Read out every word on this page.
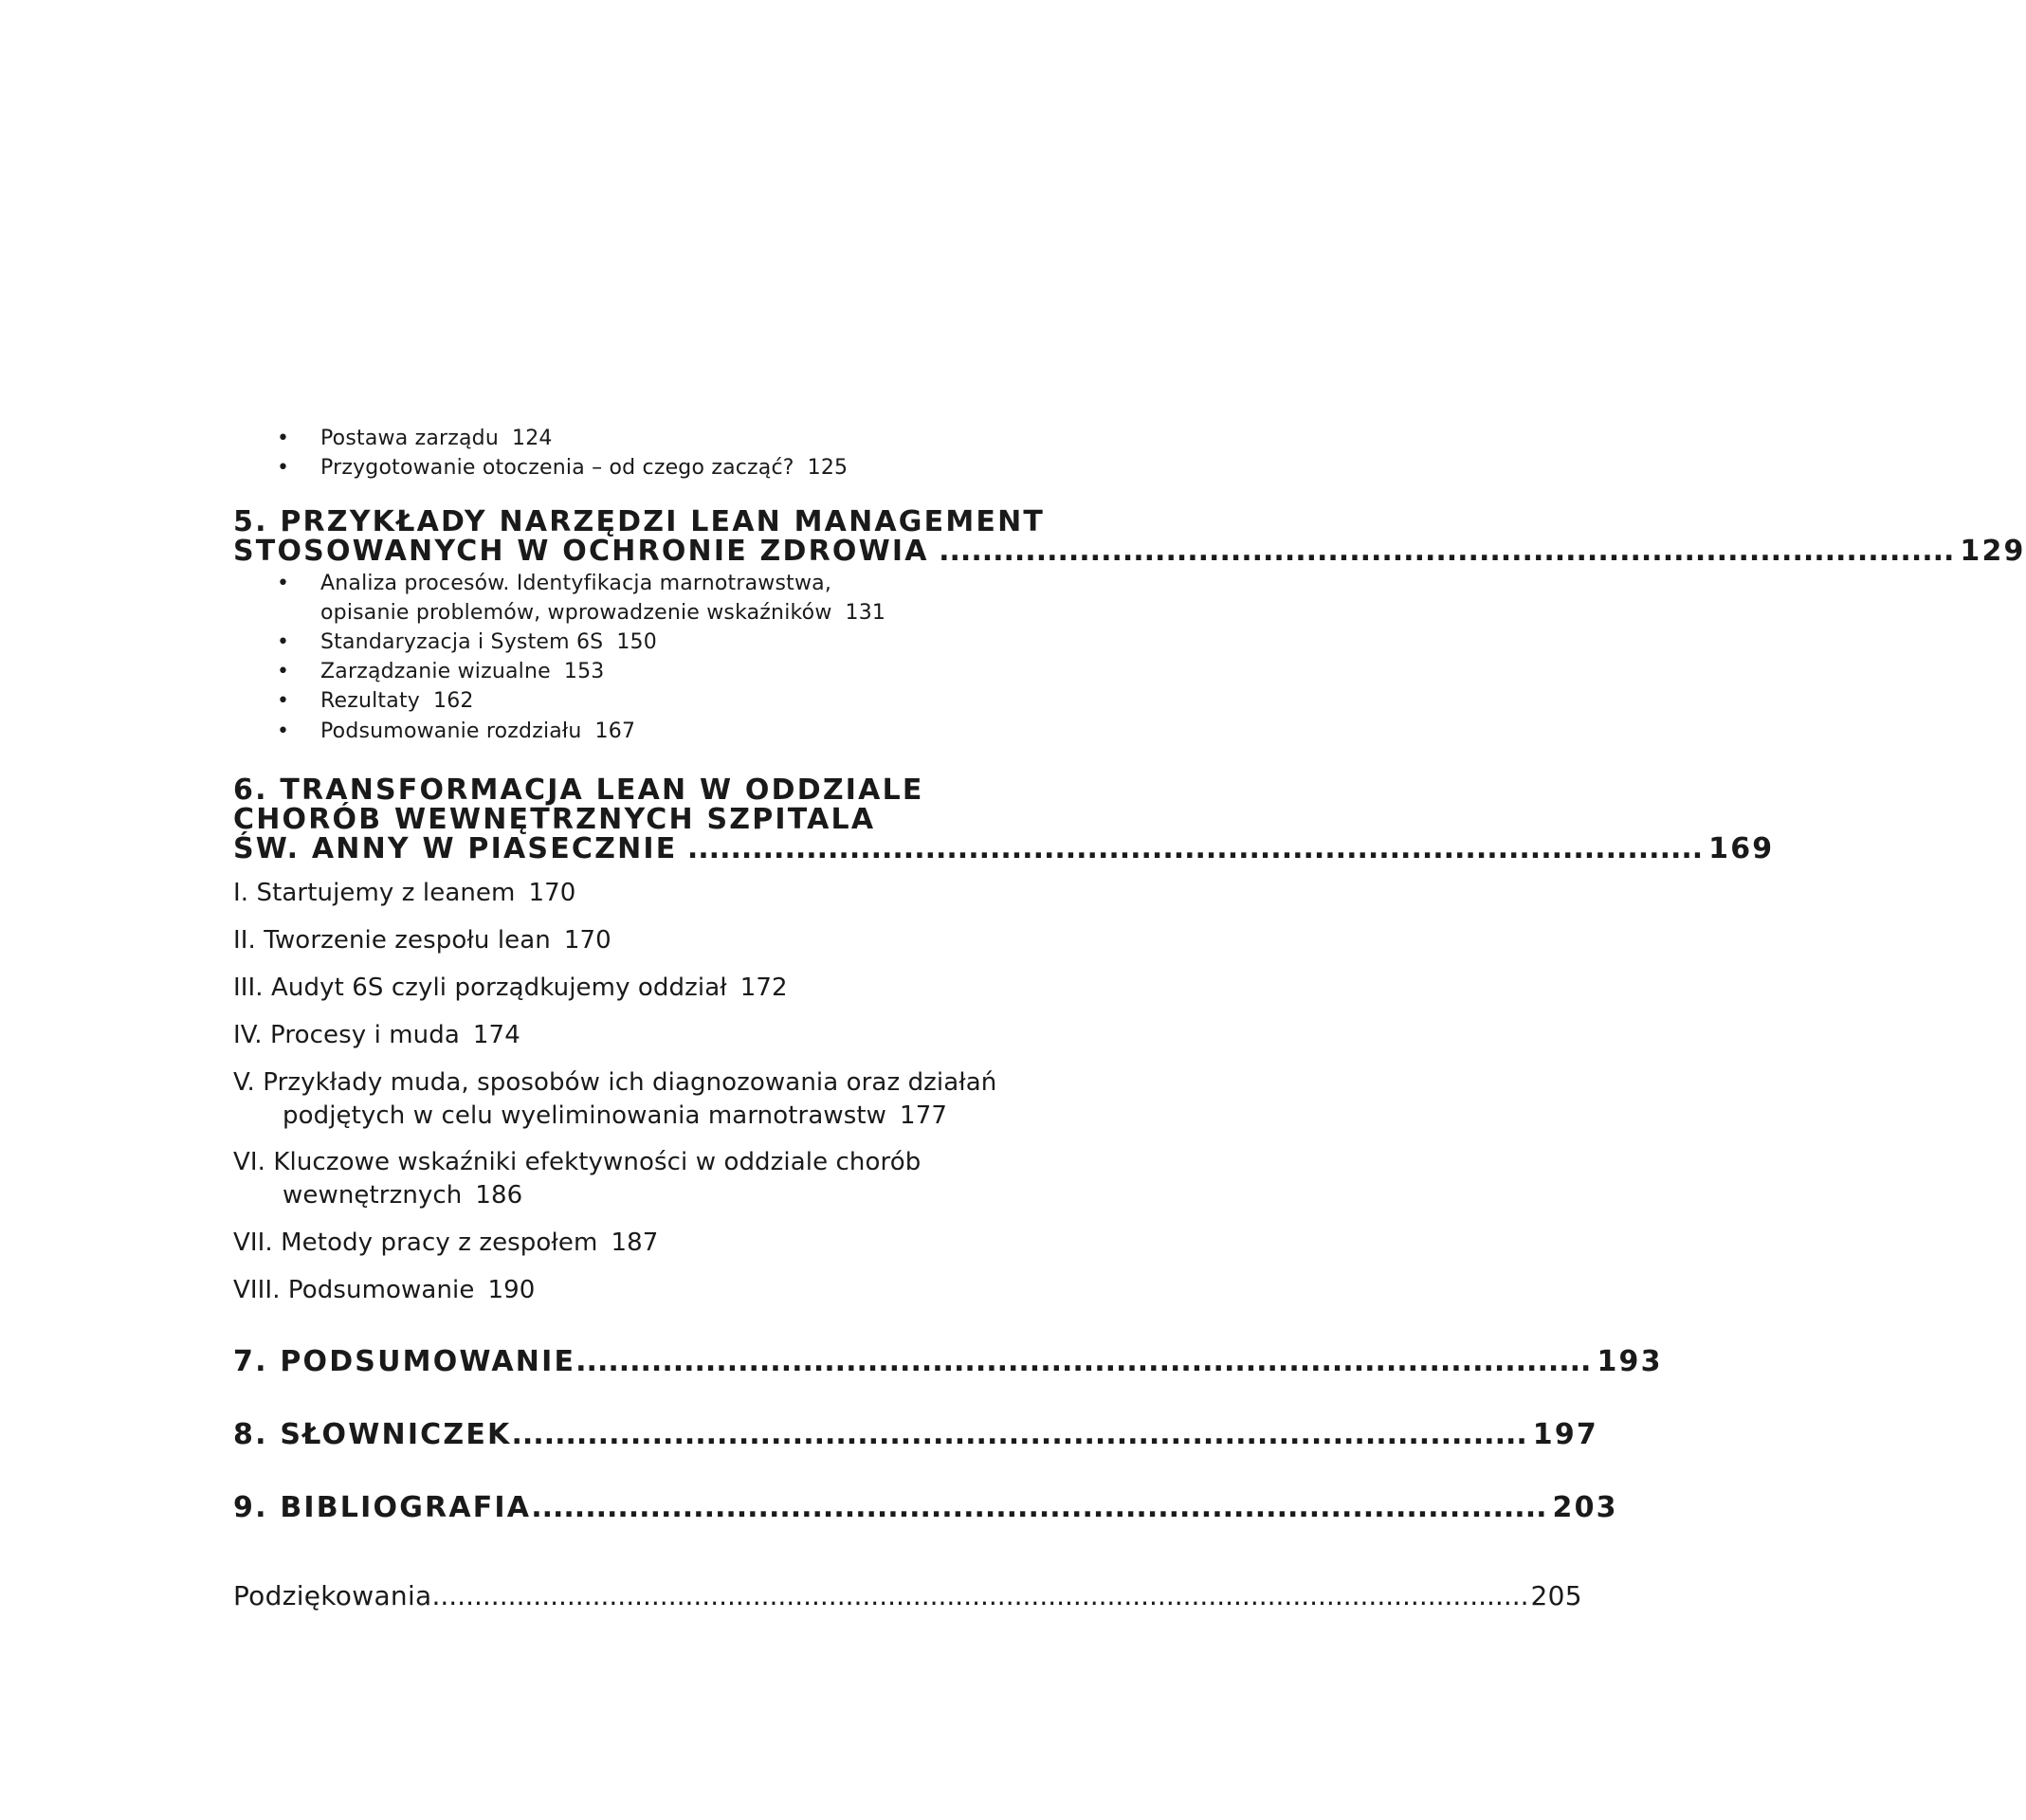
• Postawa zarządu 124
• Przygotowanie otoczenia – od czego zacząć? 125
5. PRZYKŁADY NARZĘDZI LEAN MANAGEMENT
STOSOWANYCH W OCHRONIE ZDROWIA .............................................................................................. 129
• Analiza procesów. Identyfikacja marnotrawstwa,
opisanie problemów, wprowadzenie wskaźników 131
• Standaryzacja i System 6S 150
• Zarządzanie wizualne 153
• Rezultaty 162
• Podsumowanie rozdziału 167
6. TRANSFORMACJA LEAN W ODDZIALE
CHORÓB WEWNĘTRZNYCH SZPITALA
ŚW. ANNY W PIASECZNIE .............................................................................................. 169
I. Startujemy z leanem 170
II. Tworzenie zespołu lean 170
III. Audyt 6S czyli porządkujemy oddział 172
IV. Procesy i muda 174
V. Przykłady muda, sposobów ich diagnozowania oraz działań
podjętych w celu wyeliminowania marnotrawstw 177
VI. Kluczowe wskaźniki efektywności w oddziale chorób
wewnętrznych 186
VII. Metody pracy z zespołem 187
VIII. Podsumowanie 190
7. PODSUMOWANIE .............................................................................................. 193
8. SŁOWNICZEK .............................................................................................. 197
9. BIBLIOGRAFIA .............................................................................................. 203
Podziękowania .................................................................................................................................. 205
